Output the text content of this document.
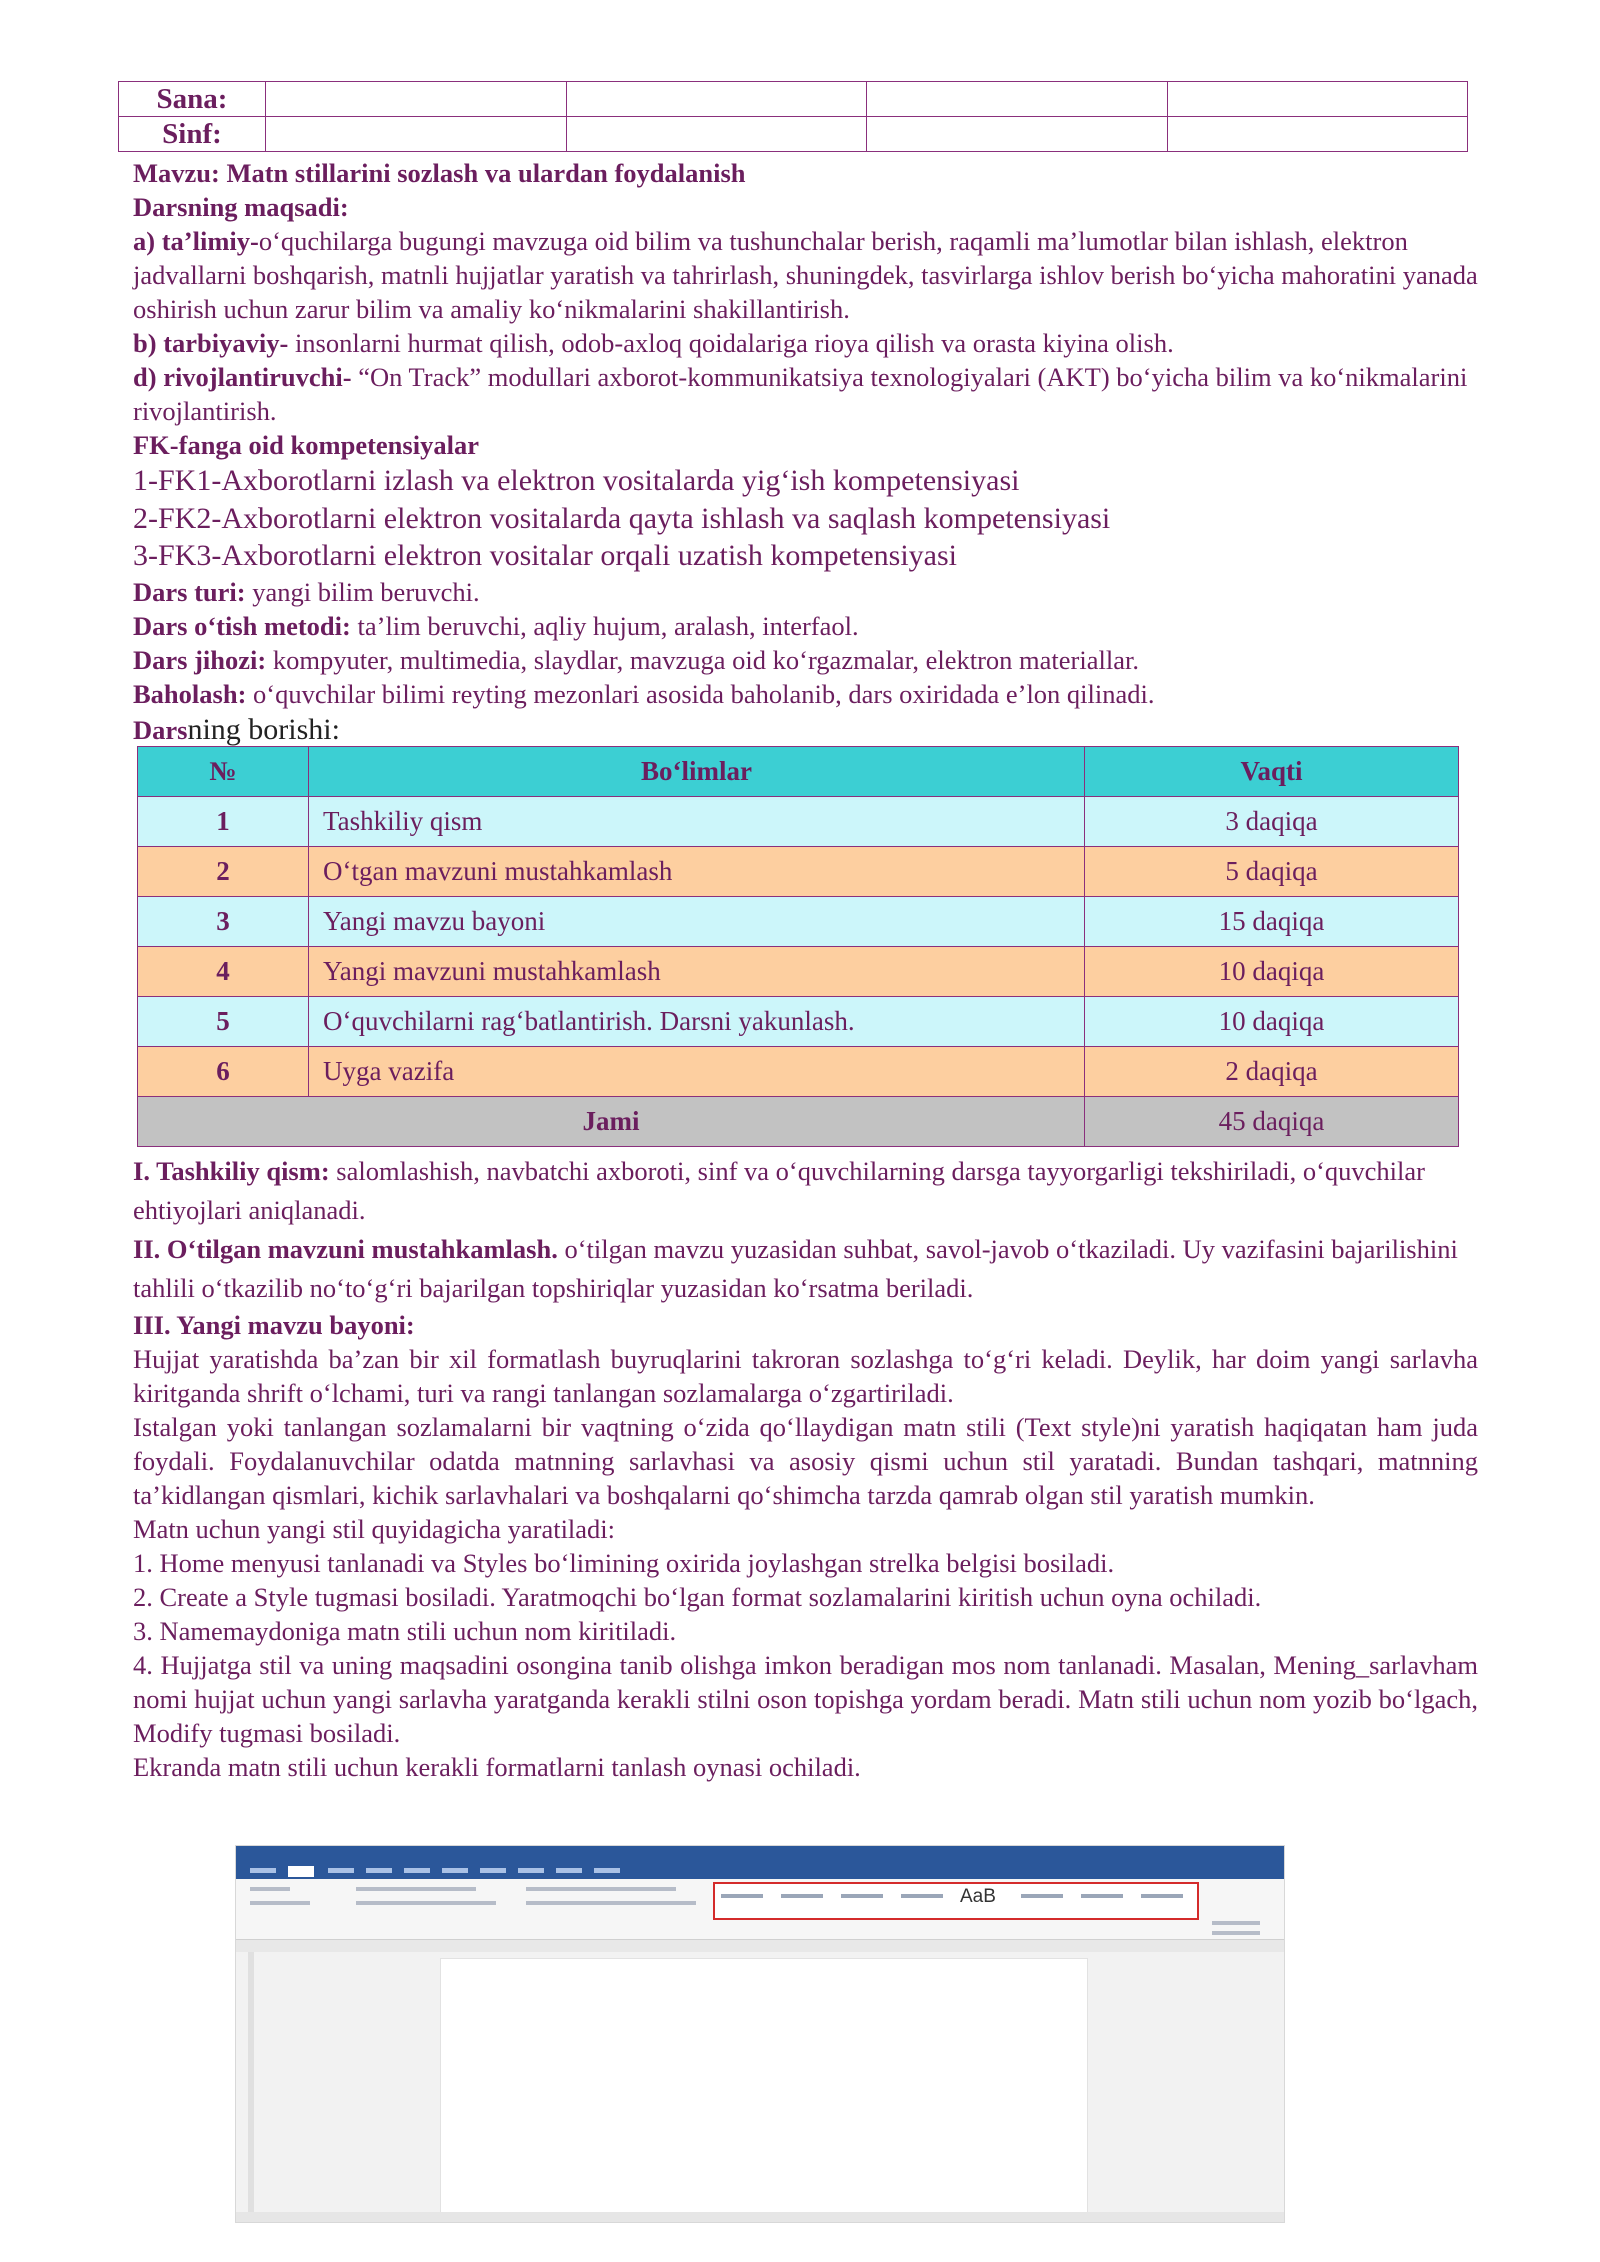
Sana:				
Sinf:				

Mavzu: Matn stillarini sozlash va ulardan foydalanish

Darsning maqsadi:

a) ta’limiy-o‘quchilarga bugungi mavzuga oid bilim va tushunchalar berish, raqamli ma’lumotlar bilan ishlash, elektron jadvallarni boshqarish, matnli hujjatlar yaratish va tahrirlash, shuningdek, tasvirlarga ishlov berish bo‘yicha mahoratini yanada oshirish uchun zarur bilim va amaliy ko‘nikmalarini shakillantirish.

b) tarbiyaviy- insonlarni hurmat qilish, odob-axloq qoidalariga rioya qilish va orasta kiyina olish.

d) rivojlantiruvchi- “On Track” modullari axborot-kommunikatsiya texnologiyalari (AKT) bo‘yicha bilim va ko‘nikmalarini rivojlantirish.

FK-fanga oid kompetensiyalar

1-FK1-Axborotlarni izlash va elektron vositalarda yig‘ish kompetensiyasi

2-FK2-Axborotlarni elektron vositalarda qayta ishlash va saqlash kompetensiyasi

3-FK3-Axborotlarni elektron vositalar orqali uzatish kompetensiyasi

Dars turi: yangi bilim beruvchi.

Dars o‘tish metodi: ta’lim beruvchi, aqliy hujum, aralash, interfaol.

Dars jihozi: kompyuter, multimedia, slaydlar, mavzuga oid ko‘rgazmalar, elektron materiallar.

Baholash: o‘quvchilar bilimi reyting mezonlari asosida baholanib, dars oxiridada e’lon qilinadi.

Darsning borishi:

№	Bo‘limlar	Vaqti
1	Tashkiliy qism	3 daqiqa
2	O‘tgan mavzuni mustahkamlash	5 daqiqa
3	Yangi mavzu bayoni	15 daqiqa
4	Yangi mavzuni mustahkamlash	10 daqiqa
5	O‘quvchilarni rag‘batlantirish. Darsni yakunlash.	10 daqiqa
6	Uyga vazifa	2 daqiqa
Jami		45 daqiqa

I. Tashkiliy qism: salomlashish, navbatchi axboroti, sinf va o‘quvchilarning darsga tayyorgarligi tekshiriladi, o‘quvchilar ehtiyojlari aniqlanadi.

II. O‘tilgan mavzuni mustahkamlash. o‘tilgan mavzu yuzasidan suhbat, savol-javob o‘tkaziladi. Uy vazifasini bajarilishini tahlili o‘tkazilib no‘to‘g‘ri bajarilgan topshiriqlar yuzasidan ko‘rsatma beriladi.

III. Yangi mavzu bayoni:

Hujjat yaratishda ba’zan bir xil formatlash buyruqlarini takroran sozlashga to‘g‘ri keladi. Deylik, har doim yangi sarlavha kiritganda shrift o‘lchami, turi va rangi tanlangan sozlamalarga o‘zgartiriladi.

Istalgan yoki tanlangan sozlamalarni bir vaqtning o‘zida qo‘llaydigan matn stili (Text style)ni yaratish haqiqatan ham juda foydali. Foydalanuvchilar odatda matnning sarlavhasi va asosiy qismi uchun stil yaratadi. Bundan tashqari, matnning ta’kidlangan qismlari, kichik sarlavhalari va boshqalarni qo‘shimcha tarzda qamrab olgan stil yaratish mumkin.

Matn uchun yangi stil quyidagicha yaratiladi:

1. Home menyusi tanlanadi va Styles bo‘limining oxirida joylashgan strelka belgisi bosiladi.

2. Create a Style tugmasi bosiladi. Yaratmoqchi bo‘lgan format sozlamalarini kiritish uchun oyna ochiladi.

3. Namemaydoniga matn stili uchun nom kiritiladi.

4. Hujjatga stil va uning maqsadini osongina tanib olishga imkon beradigan mos nom tanlanadi. Masalan, Mening_sarlavham nomi hujjat uchun yangi sarlavha yaratganda kerakli stilni oson topishga yordam beradi. Matn stili uchun nom yozib bo‘lgach, Modify tugmasi bosiladi.

Ekranda matn stili uchun kerakli formatlarni tanlash oynasi ochiladi.

AaB
